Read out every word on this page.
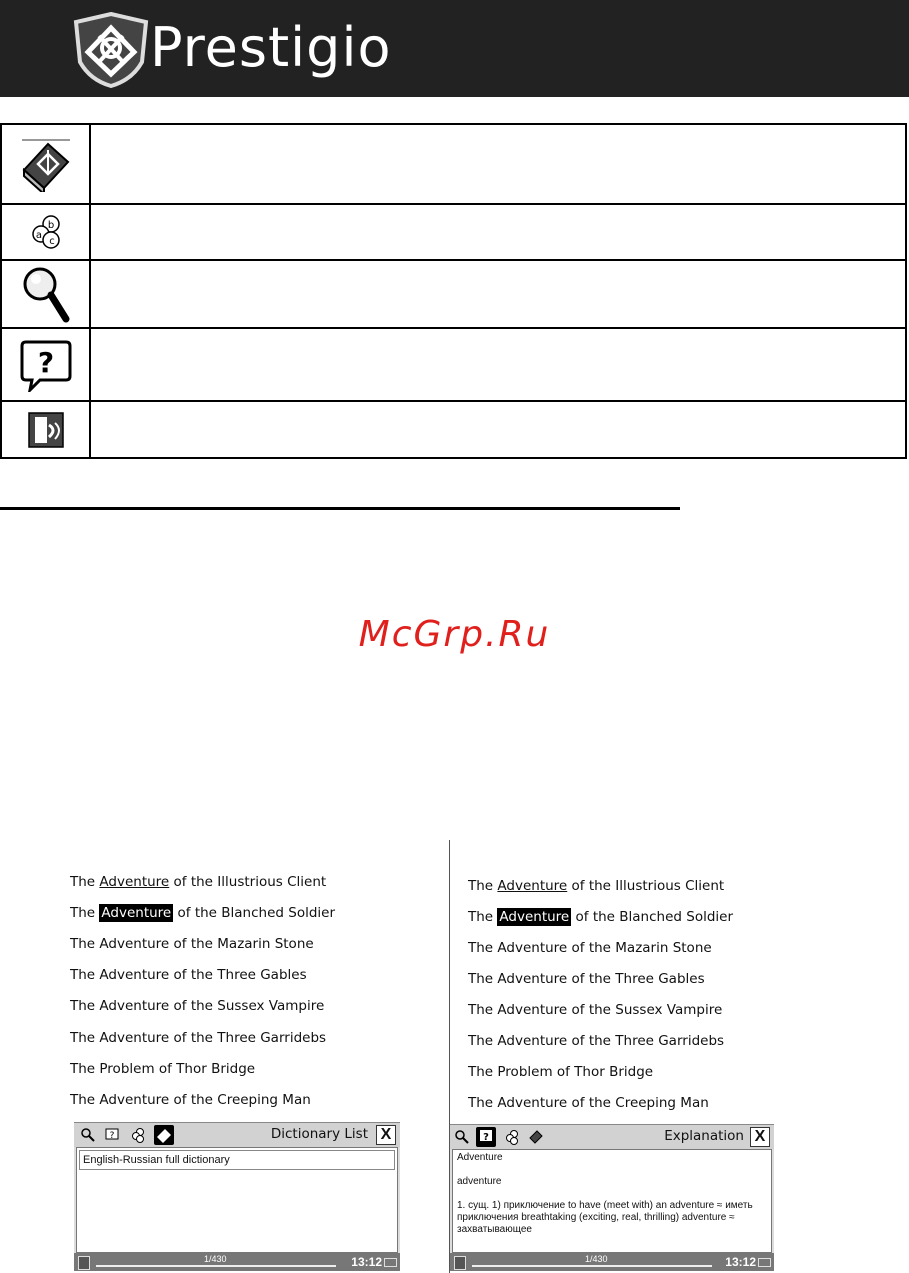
Prestigio

b
a
c	

?	

McGrp.Ru
The Adventure of the Illustrious Client
The Adventure of the Blanched Soldier
The Adventure of the Mazarin Stone
The Adventure of the Three Gables
The Adventure of the Sussex Vampire
The Adventure of the Three Garridebs
The Problem of Thor Bridge
The Adventure of the Creeping Man
?	Dictionary List X
English-Russian full dictionary
1/430	13:12
The Adventure of the Illustrious Client
The Adventure of the Blanched Soldier
The Adventure of the Mazarin Stone
The Adventure of the Three Gables
The Adventure of the Sussex Vampire
The Adventure of the Three Garridebs
The Problem of Thor Bridge
The Adventure of the Creeping Man
?	Explanation X

Adventure

adventure

1. сущ. 1) приключение to have (meet with) an adventure ≈ иметь приключения breathtaking (exciting, real, thrilling) adventure ≈ захватывающее

1/430	13:12
